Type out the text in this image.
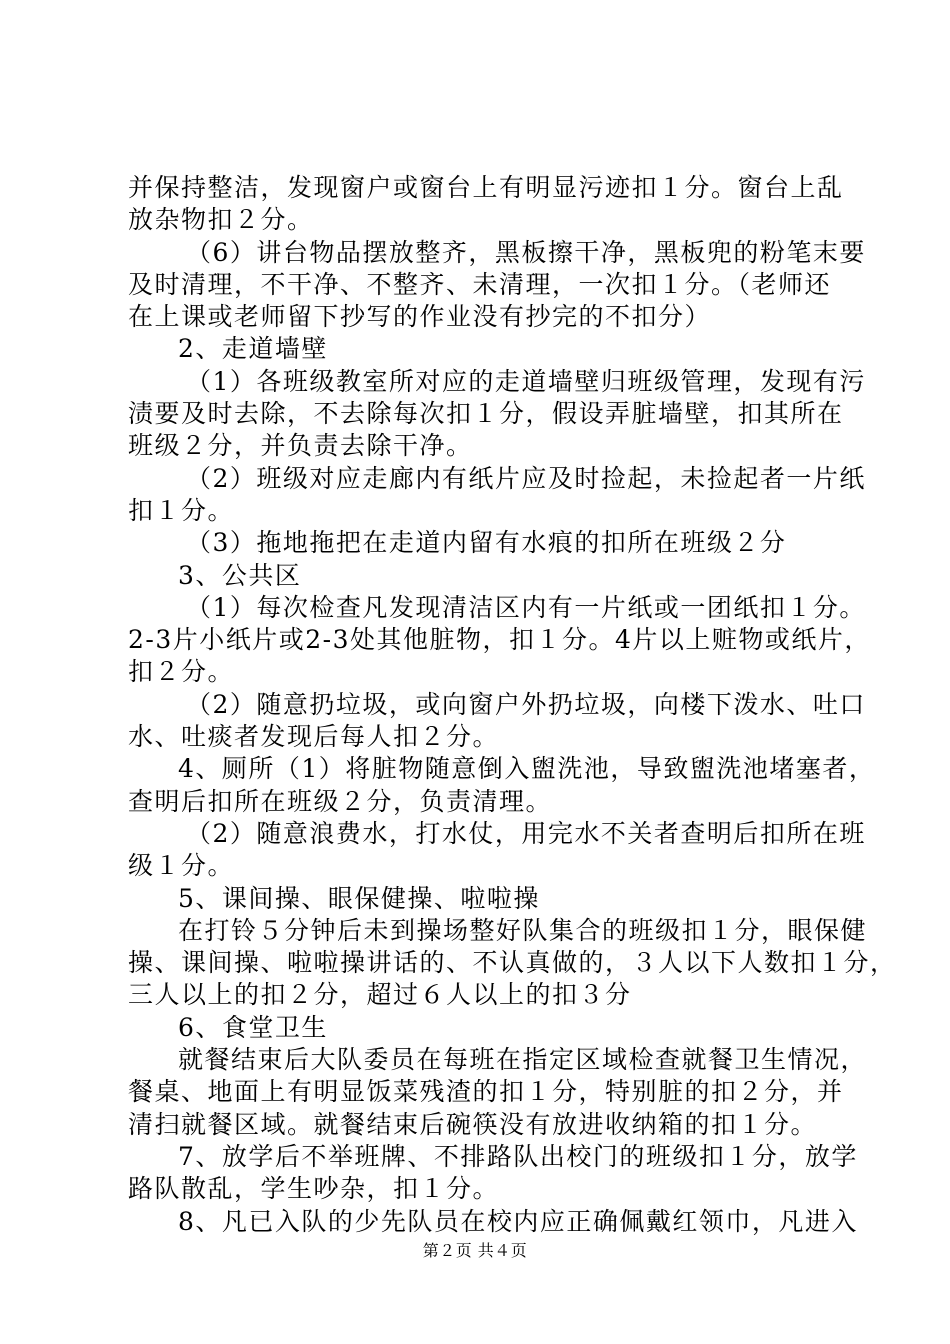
并保持整洁，发现窗户或窗台上有明显污迹扣１分。窗台上乱
放杂物扣２分。
（6）讲台物品摆放整齐，黑板擦干净，黑板兜的粉笔末要
及时清理，不干净、不整齐、未清理，一次扣１分。（老师还
在上课或老师留下抄写的作业没有抄完的不扣分）
2、走道墙壁
（1）各班级教室所对应的走道墙壁归班级管理，发现有污
渍要及时去除，不去除每次扣１分，假设弄脏墙壁，扣其所在
班级２分，并负责去除干净。
（2）班级对应走廊内有纸片应及时捡起，未捡起者一片纸
扣１分。
（3）拖地拖把在走道内留有水痕的扣所在班级２分
3、公共区
（1）每次检查凡发现清洁区内有一片纸或一团纸扣１分。
2-3片小纸片或2-3处其他脏物，扣１分。4片以上赃物或纸片，
扣２分。
（2）随意扔垃圾，或向窗户外扔垃圾，向楼下泼水、吐口
水、吐痰者发现后每人扣２分。
4、厕所（1）将脏物随意倒入盥洗池，导致盥洗池堵塞者，
查明后扣所在班级２分，负责清理。
（2）随意浪费水，打水仗，用完水不关者查明后扣所在班
级１分。
5、课间操、眼保健操、啦啦操
在打铃５分钟后未到操场整好队集合的班级扣１分，眼保健
操、课间操、啦啦操讲话的、不认真做的，３人以下人数扣１分，
三人以上的扣２分，超过６人以上的扣３分
6、食堂卫生
就餐结束后大队委员在每班在指定区域检查就餐卫生情况，
餐桌、地面上有明显饭菜残渣的扣１分，特别脏的扣２分，并
清扫就餐区域。就餐结束后碗筷没有放进收纳箱的扣１分。
7、放学后不举班牌、不排路队出校门的班级扣１分，放学
路队散乱，学生吵杂，扣１分。
8、凡已入队的少先队员在校内应正确佩戴红领巾，凡进入
第２页 共４页
